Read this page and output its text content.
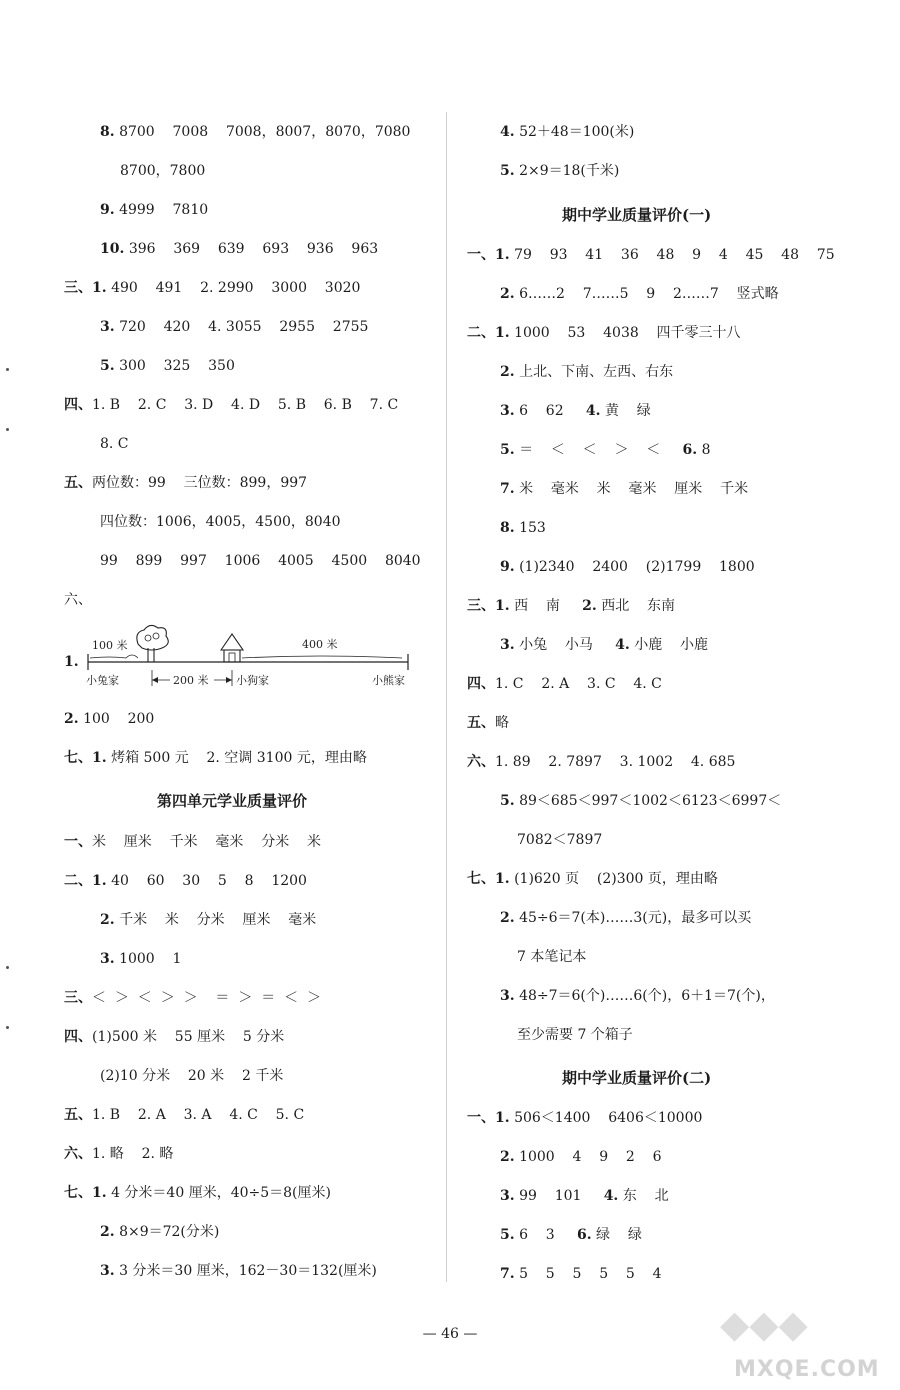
8. 8700    7008    7008，8007，8070，7080
8700，7800
9. 4999    7810
10. 396    369    639    693    936    963
三、1. 490    491    2. 2990    3000    3020
3. 720    420    4. 3055    2955    2755
5. 300    325    350
四、1. B    2. C    3. D    4. D    5. B    6. B    7. C
8. C
五、两位数：99    三位数：899，997
四位数：1006，4005，4500，8040
99    899    997    1006    4005    4500    8040
六、
1.
100 米	400 米
200 米
小兔家	小狗家	小熊家
2. 100    200
七、1. 烤箱 500 元    2. 空调 3100 元，理由略
第四单元学业质量评价
一、米    厘米    千米    毫米    分米    米
二、1. 40    60    30    5    8    1200
2. 千米    米    分米    厘米    毫米
3. 1000    1
三、＜  ＞  ＜  ＞  ＞    ＝  ＞  ＝  ＜  ＞
四、(1)500 米    55 厘米    5 分米
(2)10 分米    20 米    2 千米
五、1. B    2. A    3. A    4. C    5. C
六、1. 略    2. 略
七、1. 4 分米＝40 厘米，40÷5＝8(厘米)
2. 8×9＝72(分米)
3. 3 分米＝30 厘米，162－30＝132(厘米)
4. 52＋48＝100(米)
5. 2×9＝18(千米)
期中学业质量评价(一)
一、1. 79    93    41    36    48    9    4    45    48    75
2. 6……2    7……5    9    2……7    竖式略
二、1. 1000    53    4038    四千零三十八
2. 上北、下南、左西、右东
3. 6    62 4. 黄    绿
5. ＝    ＜    ＜    ＞    ＜ 6. 8
7. 米    毫米    米    毫米    厘米    千米
8. 153
9. (1)2340    2400    (2)1799    1800
三、1. 西    南 2. 西北    东南
3. 小兔    小马 4. 小鹿    小鹿
四、1. C    2. A    3. C    4. C
五、略
六、1. 89    2. 7897    3. 1002    4. 685
5. 89＜685＜997＜1002＜6123＜6997＜
7082＜7897
七、1. (1)620 页    (2)300 页，理由略
2. 45÷6＝7(本)……3(元)，最多可以买
7 本笔记本
3. 48÷7＝6(个)……6(个)，6＋1＝7(个)，
至少需要 7 个箱子
期中学业质量评价(二)
一、1. 506＜1400    6406＜10000
2. 1000    4    9    2    6
3. 99    101 4. 东    北
5. 6    3 6. 绿    绿
7. 5    5    5    5    5    4
— 46 —	◆◆◆
MXQE.COM
